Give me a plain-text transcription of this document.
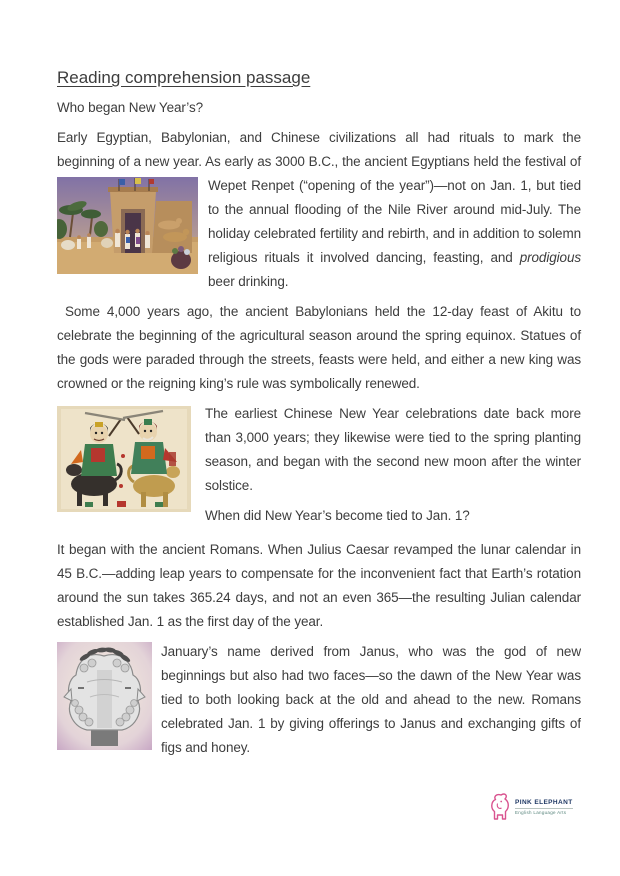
Reading comprehension passage

Who began New Year’s?

Early Egyptian, Babylonian, and Chinese civilizations all had rituals to mark the beginning of a new year. As early as 3000 B.C., the ancient Egyptians held the festival of

Wepet Renpet (“opening of the year”)—not on Jan. 1, but tied to the annual flooding of the Nile River around mid-July. The holiday celebrated fertility and rebirth, and in addition to solemn religious rituals it involved dancing, feasting, and prodigious beer drinking.

Some 4,000 years ago, the ancient Babylonians held the 12-day feast of Akitu to celebrate the beginning of the agricultural season around the spring equinox. Statues of the gods were paraded through the streets, feasts were held, and either a new king was crowned or the reigning king’s rule was symbolically renewed.

The earliest Chinese New Year celebrations date back more than 3,000 years; they likewise were tied to the spring planting season, and began with the second new moon after the winter solstice.

When did New Year’s become tied to Jan. 1?

It began with the ancient Romans. When Julius Caesar revamped the lunar calendar in 45 B.C.—adding leap years to compensate for the inconvenient fact that Earth’s rotation around the sun takes 365.24 days, and not an even 365—the resulting Julian calendar established Jan. 1 as the first day of the year.

January’s name derived from Janus, who was the god of new beginnings but also had two faces—so the dawn of the New Year was tied to both looking back at the old and ahead to the new. Romans celebrated Jan. 1 by giving offerings to Janus and exchanging gifts of figs and honey.

PINK ELEPHANT
English Language Arts
